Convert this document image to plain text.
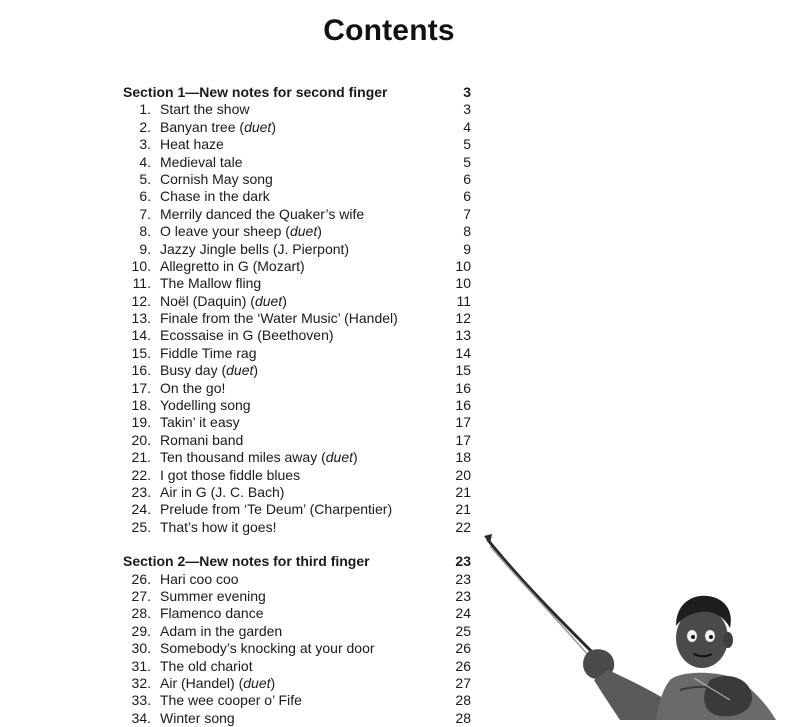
Contents
Section 1—New notes for second finger	3
1. Start the show	3
2. Banyan tree (duet)	4
3. Heat haze	5
4. Medieval tale	5
5. Cornish May song	6
6. Chase in the dark	6
7. Merrily danced the Quaker’s wife	7
8. O leave your sheep (duet)	8
9. Jazzy Jingle bells (J. Pierpont)	9
10. Allegretto in G (Mozart)	10
11. The Mallow fling	10
12. Noël (Daquin) (duet)	11
13. Finale from the ‘Water Music’ (Handel)	12
14. Ecossaise in G (Beethoven)	13
15. Fiddle Time rag	14
16. Busy day (duet)	15
17. On the go!	16
18. Yodelling song	16
19. Takin’ it easy	17
20. Romani band	17
21. Ten thousand miles away (duet)	18
22. I got those fiddle blues	20
23. Air in G (J. C. Bach)	21
24. Prelude from ‘Te Deum’ (Charpentier)	21
25. That’s how it goes!	22
Section 2—New notes for third finger	23
26. Hari coo coo	23
27. Summer evening	23
28. Flamenco dance	24
29. Adam in the garden	25
30. Somebody’s knocking at your door	26
31. The old chariot	26
32. Air (Handel) (duet)	27
33. The wee cooper o’ Fife	28
34. Winter song	28
